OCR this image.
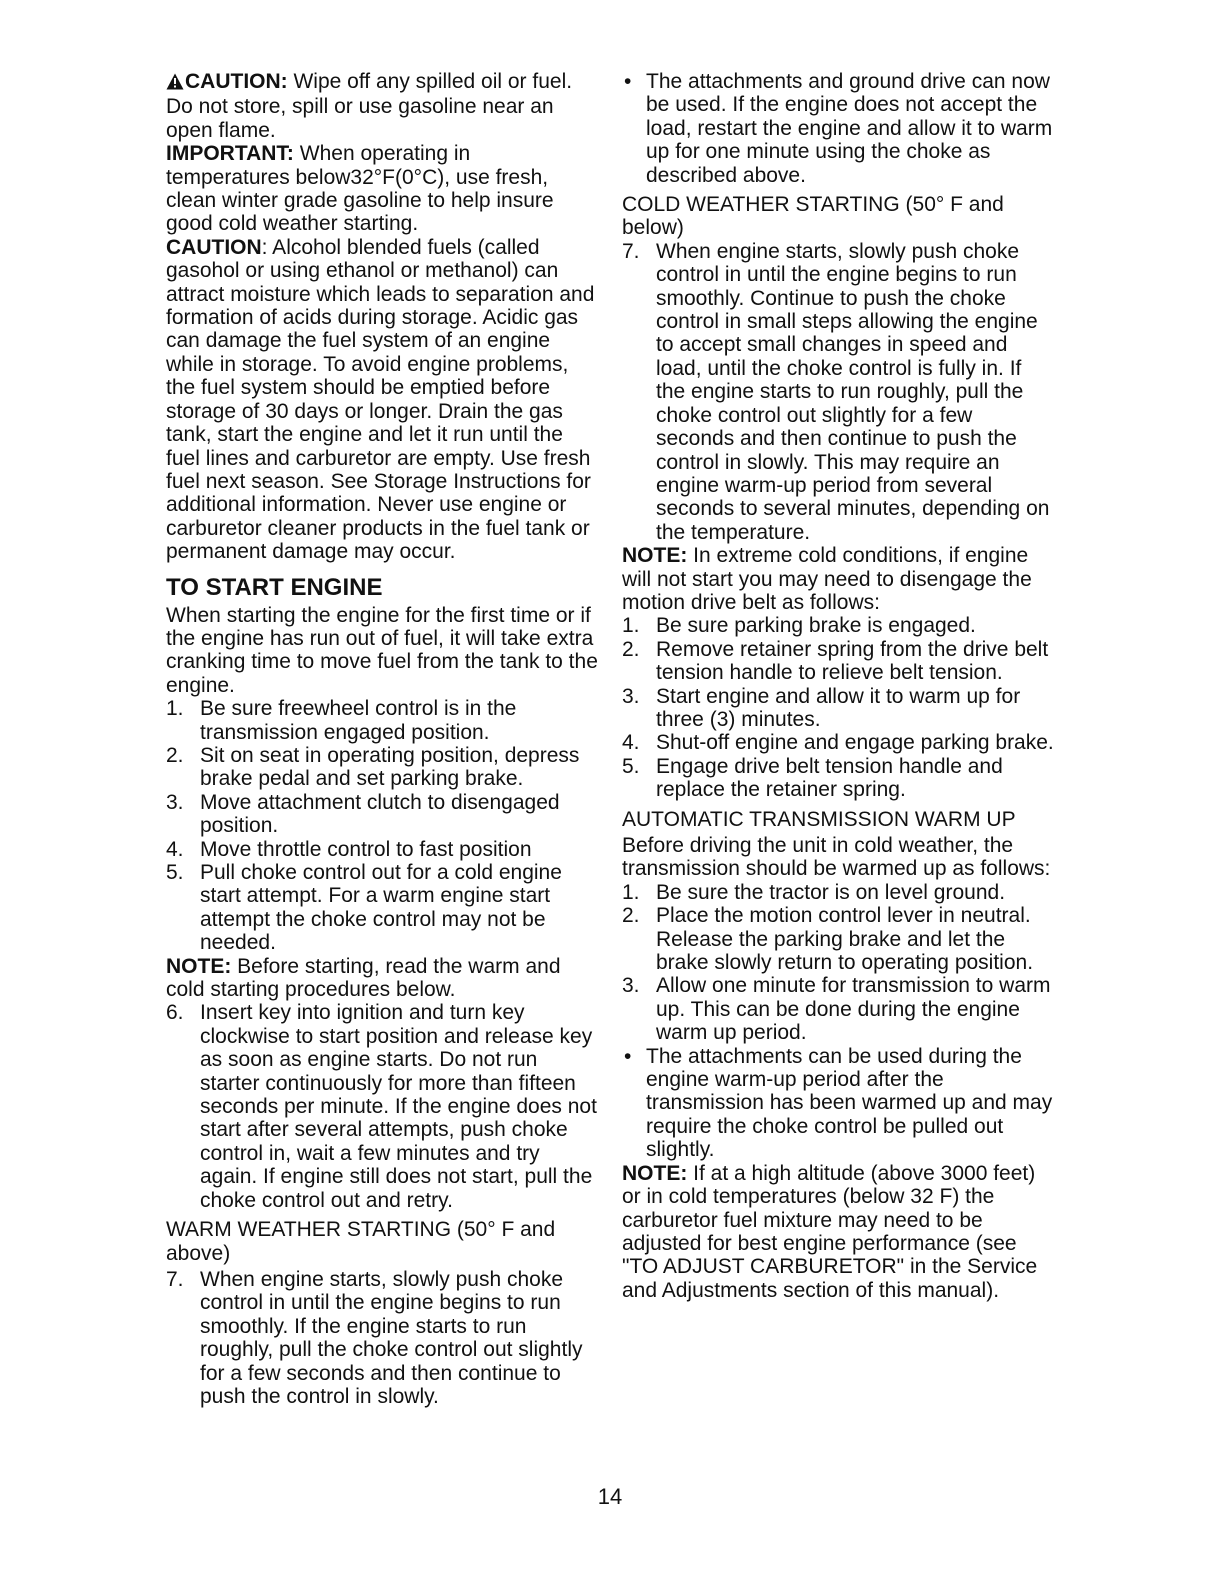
CAUTION: Wipe off any spilled oil or fuel. Do not store, spill or use gasoline near an open flame.

IMPORTANT: When operating in temperatures below32°F(0°C), use fresh, clean winter grade gasoline to help insure good cold weather starting.

CAUTION: Alcohol blended fuels (called gasohol or using ethanol or methanol) can attract moisture which leads to separation and formation of acids during storage. Acidic gas can damage the fuel system of an engine while in storage. To avoid engine problems, the fuel system should be emptied before storage of 30 days or longer. Drain the gas tank, start the engine and let it run until the fuel lines and carburetor are empty. Use fresh fuel next season. See Storage Instructions for additional information. Never use engine or carburetor cleaner products in the fuel tank or permanent damage may occur.

TO START ENGINE

When starting the engine for the first time or if the engine has run out of fuel, it will take extra cranking time to move fuel from the tank to the engine.

1. Be sure freewheel control is in the transmission engaged position.
2. Sit on seat in operating position, depress brake pedal and set parking brake.
3. Move attachment clutch to disengaged position.
4. Move throttle control to fast position
5. Pull choke control out for a cold engine start attempt. For a warm engine start attempt the choke control may not be needed.

NOTE: Before starting, read the warm and cold starting procedures below.

6. Insert key into ignition and turn key clockwise to start position and release key as soon as engine starts. Do not run starter continuously for more than fifteen seconds per minute. If the engine does not start after several attempts, push choke control in, wait a few minutes and try again. If engine still does not start, pull the choke control out and retry.

WARM WEATHER STARTING (50° F and above)

7. When engine starts, slowly push choke control in until the engine begins to run smoothly. If the engine starts to run roughly, pull the choke control out slightly for a few seconds and then continue to push the control in slowly.
• The attachments and ground drive can now be used. If the engine does not accept the load, restart the engine and allow it to warm up for one minute using the choke as described above.

COLD WEATHER STARTING (50° F and below)

7. When engine starts, slowly push choke control in until the engine begins to run smoothly. Continue to push the choke control in small steps allowing the engine to accept small changes in speed and load, until the choke control is fully in. If the engine starts to run roughly, pull the choke control out slightly for a few seconds and then continue to push the control in slowly. This may require an engine warm-up period from several seconds to several minutes, depending on the temperature.

NOTE: In extreme cold conditions, if engine will not start you may need to disengage the motion drive belt as follows:

1. Be sure parking brake is engaged.
2. Remove retainer spring from the drive belt tension handle to relieve belt tension.
3. Start engine and allow it to warm up for three (3) minutes.
4. Shut-off engine and engage parking brake.
5. Engage drive belt tension handle and replace the retainer spring.

AUTOMATIC TRANSMISSION WARM UP

Before driving the unit in cold weather, the transmission should be warmed up as follows:

1. Be sure the tractor is on level ground.
2. Place the motion control lever in neutral. Release the parking brake and let the brake slowly return to operating position.
3. Allow one minute for transmission to warm up. This can be done during the engine warm up period.
• The attachments can be used during the engine warm-up period after the transmission has been warmed up and may require the choke control be pulled out slightly.

NOTE: If at a high altitude (above 3000 feet) or in cold temperatures (below 32 F) the carburetor fuel mixture may need to be adjusted for best engine performance (see "TO ADJUST CARBURETOR" in the Service and Adjustments section of this manual).

14
